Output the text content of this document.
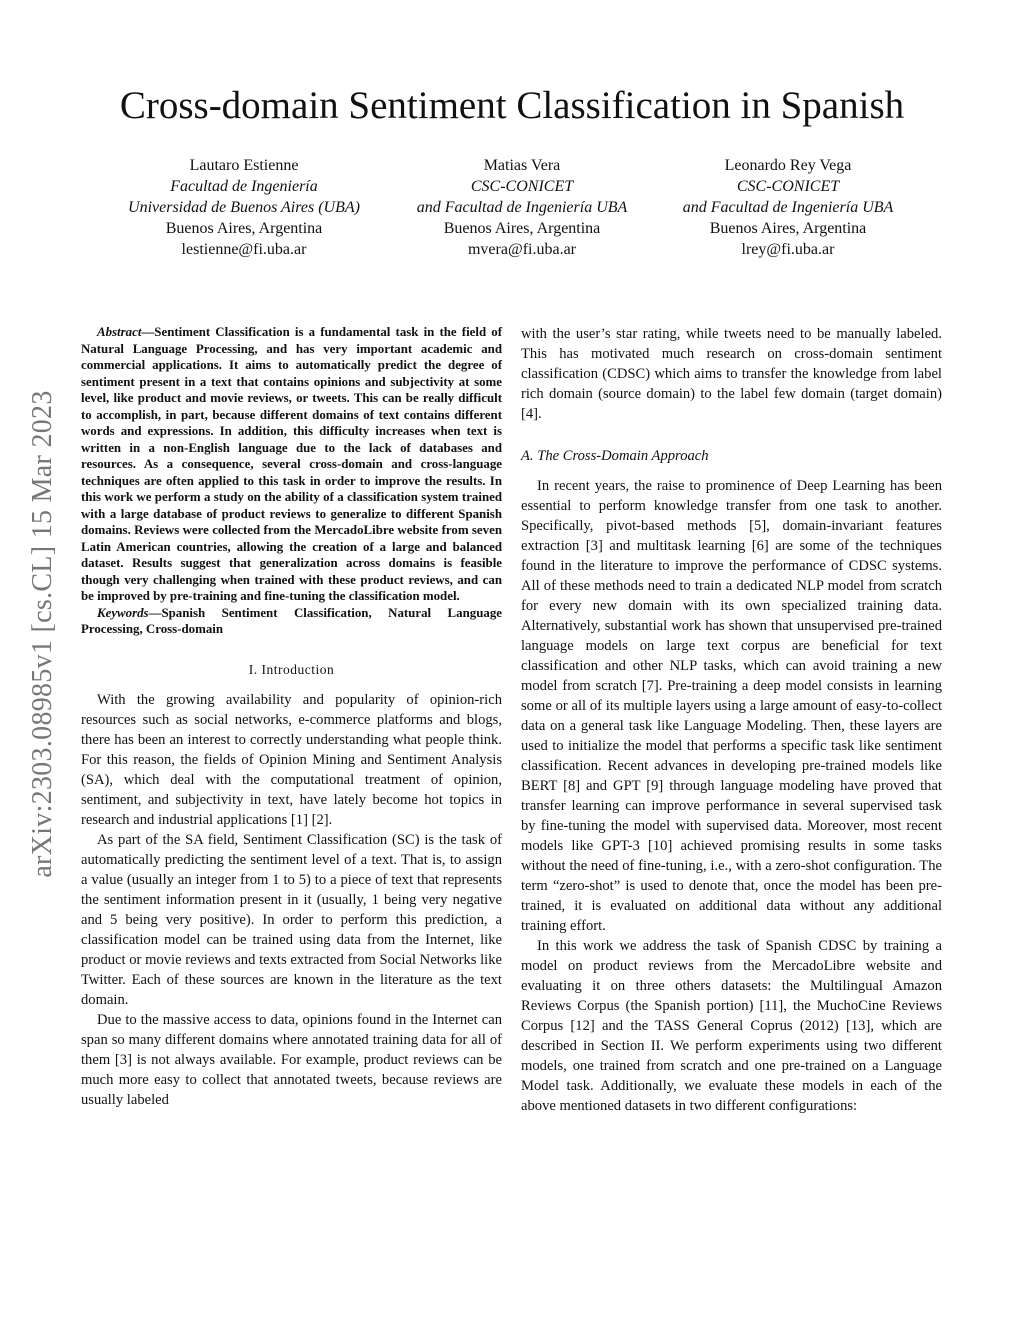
Cross-domain Sentiment Classification in Spanish
Lautaro Estienne
Facultad de Ingeniería
Universidad de Buenos Aires (UBA)
Buenos Aires, Argentina
lestienne@fi.uba.ar
Matias Vera
CSC-CONICET
and Facultad de Ingeniería UBA
Buenos Aires, Argentina
mvera@fi.uba.ar
Leonardo Rey Vega
CSC-CONICET
and Facultad de Ingeniería UBA
Buenos Aires, Argentina
lrey@fi.uba.ar
arXiv:2303.08985v1 [cs.CL] 15 Mar 2023

Abstract—Sentiment Classification is a fundamental task in the field of Natural Language Processing, and has very important academic and commercial applications. It aims to automatically predict the degree of sentiment present in a text that contains opinions and subjectivity at some level, like product and movie reviews, or tweets. This can be really difficult to accomplish, in part, because different domains of text contains different words and expressions. In addition, this difficulty increases when text is written in a non-English language due to the lack of databases and resources. As a consequence, several cross-domain and cross-language techniques are often applied to this task in order to improve the results. In this work we perform a study on the ability of a classification system trained with a large database of product reviews to generalize to different Spanish domains. Reviews were collected from the MercadoLibre website from seven Latin American countries, allowing the creation of a large and balanced dataset. Results suggest that generalization across domains is feasible though very challenging when trained with these product reviews, and can be improved by pre-training and fine-tuning the classification model.

Keywords—Spanish Sentiment Classification, Natural Language Processing, Cross-domain

I. Introduction

With the growing availability and popularity of opinion-rich resources such as social networks, e-commerce platforms and blogs, there has been an interest to correctly understanding what people think. For this reason, the fields of Opinion Mining and Sentiment Analysis (SA), which deal with the computational treatment of opinion, sentiment, and subjectivity in text, have lately become hot topics in research and industrial applications [1] [2].

As part of the SA field, Sentiment Classification (SC) is the task of automatically predicting the sentiment level of a text. That is, to assign a value (usually an integer from 1 to 5) to a piece of text that represents the sentiment information present in it (usually, 1 being very negative and 5 being very positive). In order to perform this prediction, a classification model can be trained using data from the Internet, like product or movie reviews and texts extracted from Social Networks like Twitter. Each of these sources are known in the literature as the text domain.

Due to the massive access to data, opinions found in the Internet can span so many different domains where annotated training data for all of them [3] is not always available. For example, product reviews can be much more easy to collect that annotated tweets, because reviews are usually labeled

with the user’s star rating, while tweets need to be manually labeled. This has motivated much research on cross-domain sentiment classification (CDSC) which aims to transfer the knowledge from label rich domain (source domain) to the label few domain (target domain) [4].

A. The Cross-Domain Approach

In recent years, the raise to prominence of Deep Learning has been essential to perform knowledge transfer from one task to another. Specifically, pivot-based methods [5], domain-invariant features extraction [3] and multitask learning [6] are some of the techniques found in the literature to improve the performance of CDSC systems. All of these methods need to train a dedicated NLP model from scratch for every new domain with its own specialized training data. Alternatively, substantial work has shown that unsupervised pre-trained language models on large text corpus are beneficial for text classification and other NLP tasks, which can avoid training a new model from scratch [7]. Pre-training a deep model consists in learning some or all of its multiple layers using a large amount of easy-to-collect data on a general task like Language Modeling. Then, these layers are used to initialize the model that performs a specific task like sentiment classification. Recent advances in developing pre-trained models like BERT [8] and GPT [9] through language modeling have proved that transfer learning can improve performance in several supervised task by fine-tuning the model with supervised data. Moreover, most recent models like GPT-3 [10] achieved promising results in some tasks without the need of fine-tuning, i.e., with a zero-shot configuration. The term “zero-shot” is used to denote that, once the model has been pre-trained, it is evaluated on additional data without any additional training effort.

In this work we address the task of Spanish CDSC by training a model on product reviews from the MercadoLibre website and evaluating it on three others datasets: the Multilingual Amazon Reviews Corpus (the Spanish portion) [11], the MuchoCine Reviews Corpus [12] and the TASS General Coprus (2012) [13], which are described in Section II. We perform experiments using two different models, one trained from scratch and one pre-trained on a Language Model task. Additionally, we evaluate these models in each of the above mentioned datasets in two different configurations:
